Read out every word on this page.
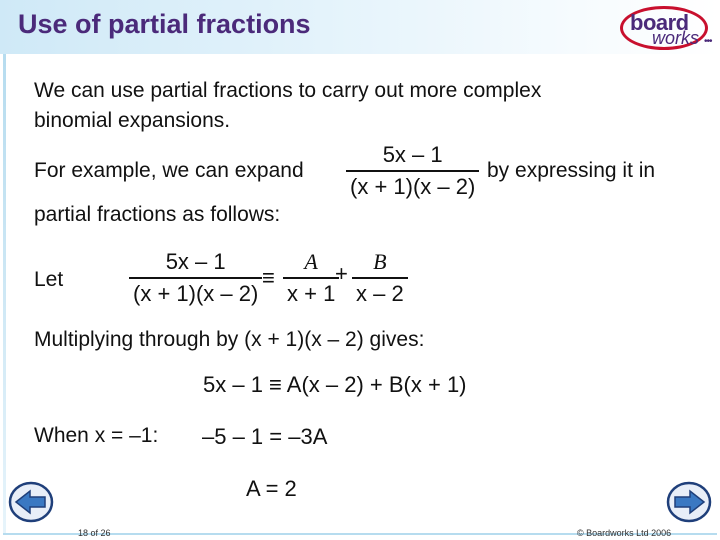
Use of partial fractions	board
works •••
We can use partial fractions to carry out more complex
binomial expansions.
For example, we can expand
5x – 1
(x + 1)(x – 2)
by expressing it in
partial fractions as follows:
Let
5x – 1
(x + 1)(x – 2)
≡
A
x + 1
+	B
x – 2
Multiplying through by (x + 1)(x – 2) gives:
5x – 1 ≡ A(x – 2) + B(x + 1)
When x = –1: –5 – 1 = –3A
A = 2
18 of 26	© Boardworks Ltd 2006
